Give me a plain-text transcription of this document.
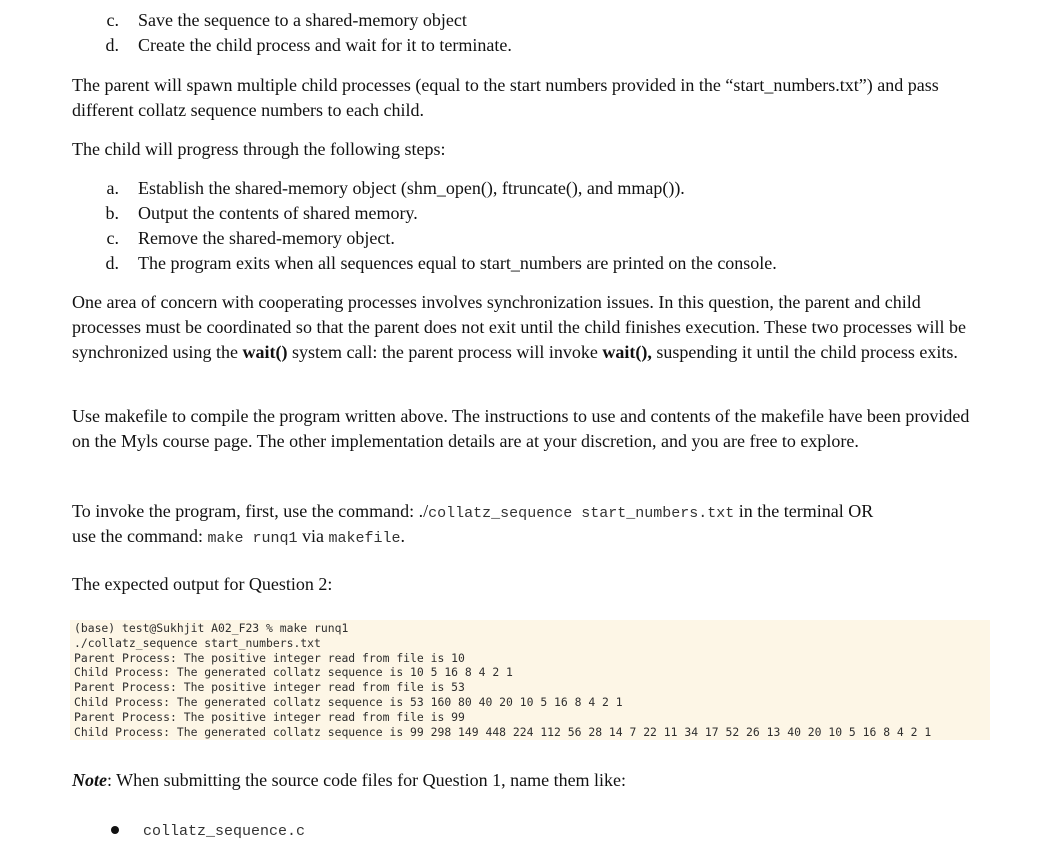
c. Save the sequence to a shared-memory object
d. Create the child process and wait for it to terminate.
The parent will spawn multiple child processes (equal to the start numbers provided in the “start_numbers.txt”) and pass different collatz sequence numbers to each child.
The child will progress through the following steps:
a. Establish the shared-memory object (shm_open(), ftruncate(), and mmap()).
b. Output the contents of shared memory.
c. Remove the shared-memory object.
d. The program exits when all sequences equal to start_numbers are printed on the console.
One area of concern with cooperating processes involves synchronization issues. In this question, the parent and child processes must be coordinated so that the parent does not exit until the child finishes execution. These two processes will be synchronized using the wait() system call: the parent process will invoke wait(), suspending it until the child process exits.
Use makefile to compile the program written above. The instructions to use and contents of the makefile have been provided on the Myls course page. The other implementation details are at your discretion, and you are free to explore.
To invoke the program, first, use the command: ./collatz_sequence start_numbers.txt in the terminal OR
use the command: make runq1 via makefile.
The expected output for Question 2:
(base) test@Sukhjit A02_F23 % make runq1
./collatz_sequence start_numbers.txt
Parent Process: The positive integer read from file is 10
Child Process: The generated collatz sequence is 10 5 16 8 4 2 1
Parent Process: The positive integer read from file is 53
Child Process: The generated collatz sequence is 53 160 80 40 20 10 5 16 8 4 2 1
Parent Process: The positive integer read from file is 99
Child Process: The generated collatz sequence is 99 298 149 448 224 112 56 28 14 7 22 11 34 17 52 26 13 40 20 10 5 16 8 4 2 1
Note: When submitting the source code files for Question 1, name them like:
collatz_sequence.c
